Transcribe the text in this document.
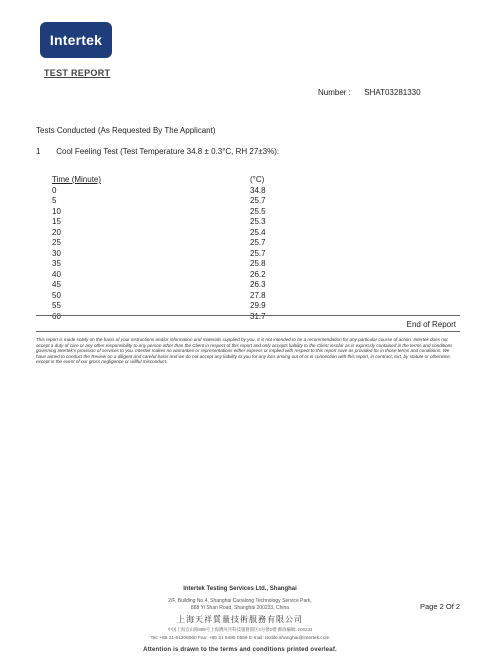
Intertek
TEST REPORT
Number : SHAT03281330
Tests Conducted (As Requested By The Applicant)
1 Cool Feeling Test (Test Temperature 34.8 ± 0.3°C, RH 27±3%):
Time (Minute)	(°C)
0	34.8
5	25.7
10	25.5
15	25.3
20	25.4
25	25.7
30	25.7
35	25.8
40	26.2
45	26.3
50	27.8
55	29.9
60	31.7
End of Report
This report is made solely on the basis of your instructions and/or information and materials supplied by you. It is not intended to be a recommendation for any particular course of action. Intertek does not accept a duty of care or any other responsibility to any person other than the Client in respect of this report and only accepts liability to the Client insofar as is expressly contained in the terms and conditions governing Intertek's provision of services to you. Intertek makes no warranties or representations either express or implied with respect to this report save as provided for in those terms and conditions. We have aimed to conduct the Review on a diligent and careful basis and we do not accept any liability to you for any loss arising out of or in connection with this report, in contract, tort, by statute or otherwise, except in the event of our gross negligence or willful misconduct.
Intertek Testing Services Ltd., Shanghai
2/F, Building No.4, Shanghai Caoalong Technology Service Park,
888 Yi Shan Road, Shanghai 200233, China
上海天祥質量技術服務有限公司
中国上海宜山路889号上海漕河泾科技服務園区4号楼2楼 郵政編碼: 200233
Tel: +86 21 61206060 Fax: +86 21 6485 0559 E-mail: textile.shanghai@intertek.com
Attention is drawn to the terms and conditions printed overleaf.
Page 2 Of 2
